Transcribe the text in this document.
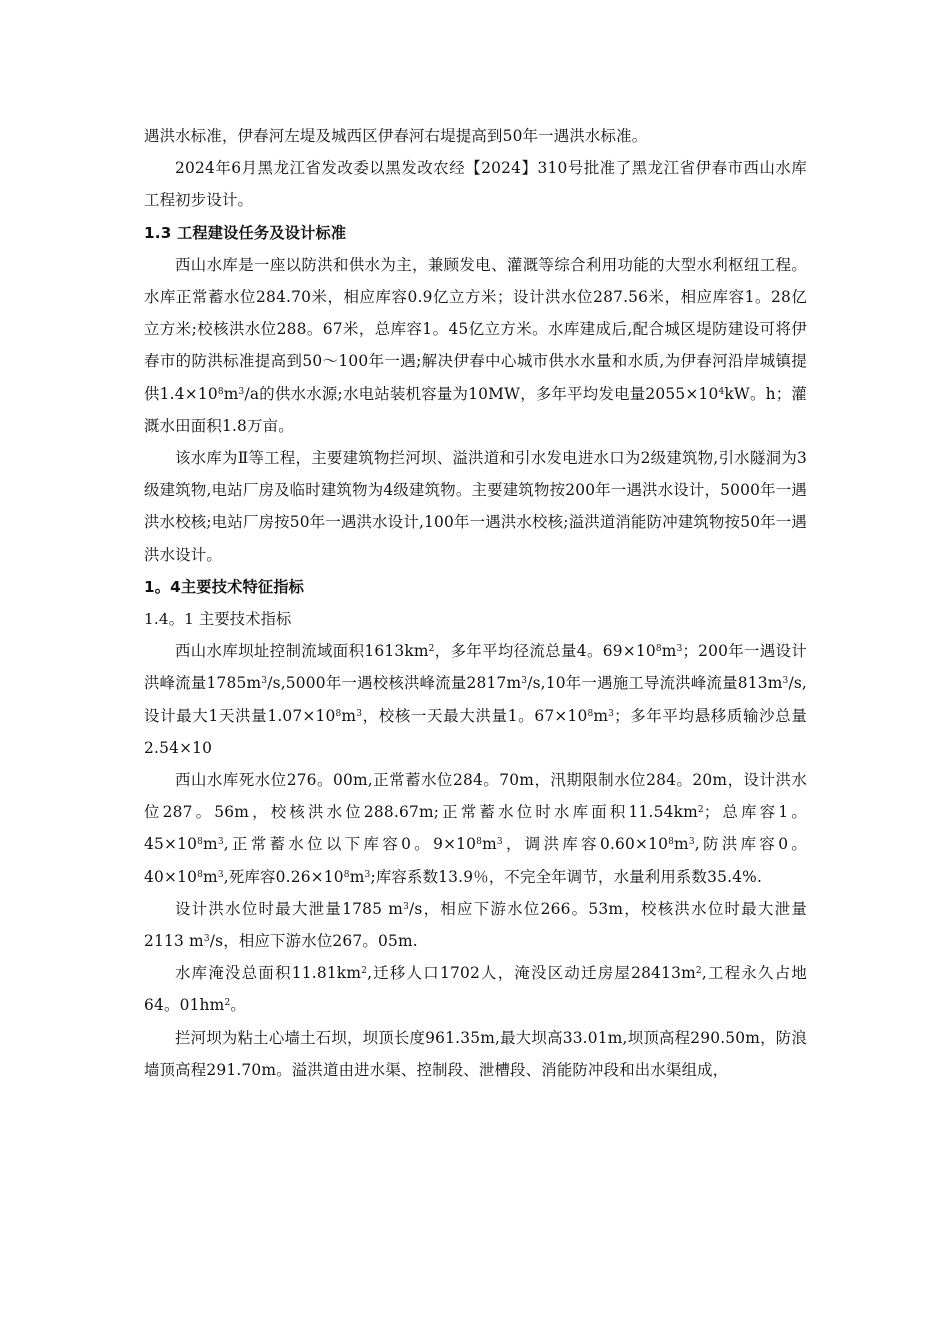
遇洪水标准，伊春河左堤及城西区伊春河右堤提高到50年一遇洪水标准。

2024年6月黑龙江省发改委以黑发改农经【2024】310号批准了黑龙江省伊春市西山水库工程初步设计。

1.3 工程建设任务及设计标准

西山水库是一座以防洪和供水为主，兼顾发电、灌溉等综合利用功能的大型水利枢纽工程。水库正常蓄水位284.70米，相应库容0.9亿立方米；设计洪水位287.56米，相应库容1。28亿立方米;校核洪水位288。67米，总库容1。45亿立方米。水库建成后,配合城区堤防建设可将伊春市的防洪标准提高到50～100年一遇;解决伊春中心城市供水水量和水质,为伊春河沿岸城镇提供$1.4\times 10^8m^3/a$的供水水源;水电站装机容量为10MW，多年平均发电量$2055\times 10^4kW$。h；灌溉水田面积1.8万亩。

该水库为Ⅱ等工程，主要建筑物拦河坝、溢洪道和引水发电进水口为2级建筑物,引水隧洞为3级建筑物,电站厂房及临时建筑物为4级建筑物。主要建筑物按200年一遇洪水设计，5000年一遇洪水校核;电站厂房按50年一遇洪水设计,100年一遇洪水校核;溢洪道消能防冲建筑物按50年一遇洪水设计。

1。4主要技术特征指标

1.4。1 主要技术指标

西山水库坝址控制流域面积$1613km^2$，多年平均径流总量4。$69\times 10^8m^3$；200年一遇设计洪峰流量$1785m^3/s,5000$年一遇校核洪峰流量$2817m^3/s,10$年一遇施工导流洪峰流量$813m^3/s$,设计最大1天洪量$1.07\times 10^8m^3$，校核一天最大洪量1。$67\times 10^8m^3$；多年平均悬移质输沙总量2.54×10

西山水库死水位276。00m,正常蓄水位284。70m，汛期限制水位284。20m，设计洪水位287。56m，校核洪水位288.67m;正常蓄水位时水库面积$11.54km^2$；总库容1。$45\times 10^8m^3$,正常蓄水位以下库容0。$9\times 10^8m^3$，调洪库容$0.60\times 10^8m^3$,防洪库容0。$40\times 10^8m^3$,死库容$0.26\times 10^8m^3$;库容系数13.9％，不完全年调节，水量利用系数35.4%.

设计洪水位时最大泄量1785 $m^3/s$，相应下游水位266。53m，校核洪水位时最大泄量2113 $m^3/s$，相应下游水位267。05m.

水库淹没总面积$11.81km^2$,迁移人口1702人，淹没区动迁房屋$28413m^2$,工程永久占地64。$01hm^2$。

拦河坝为粘土心墙土石坝，坝顶长度961.35m,最大坝高33.01m,坝顶高程290.50m，防浪墙顶高程291.70m。溢洪道由进水渠、控制段、泄槽段、消能防冲段和出水渠组成，
